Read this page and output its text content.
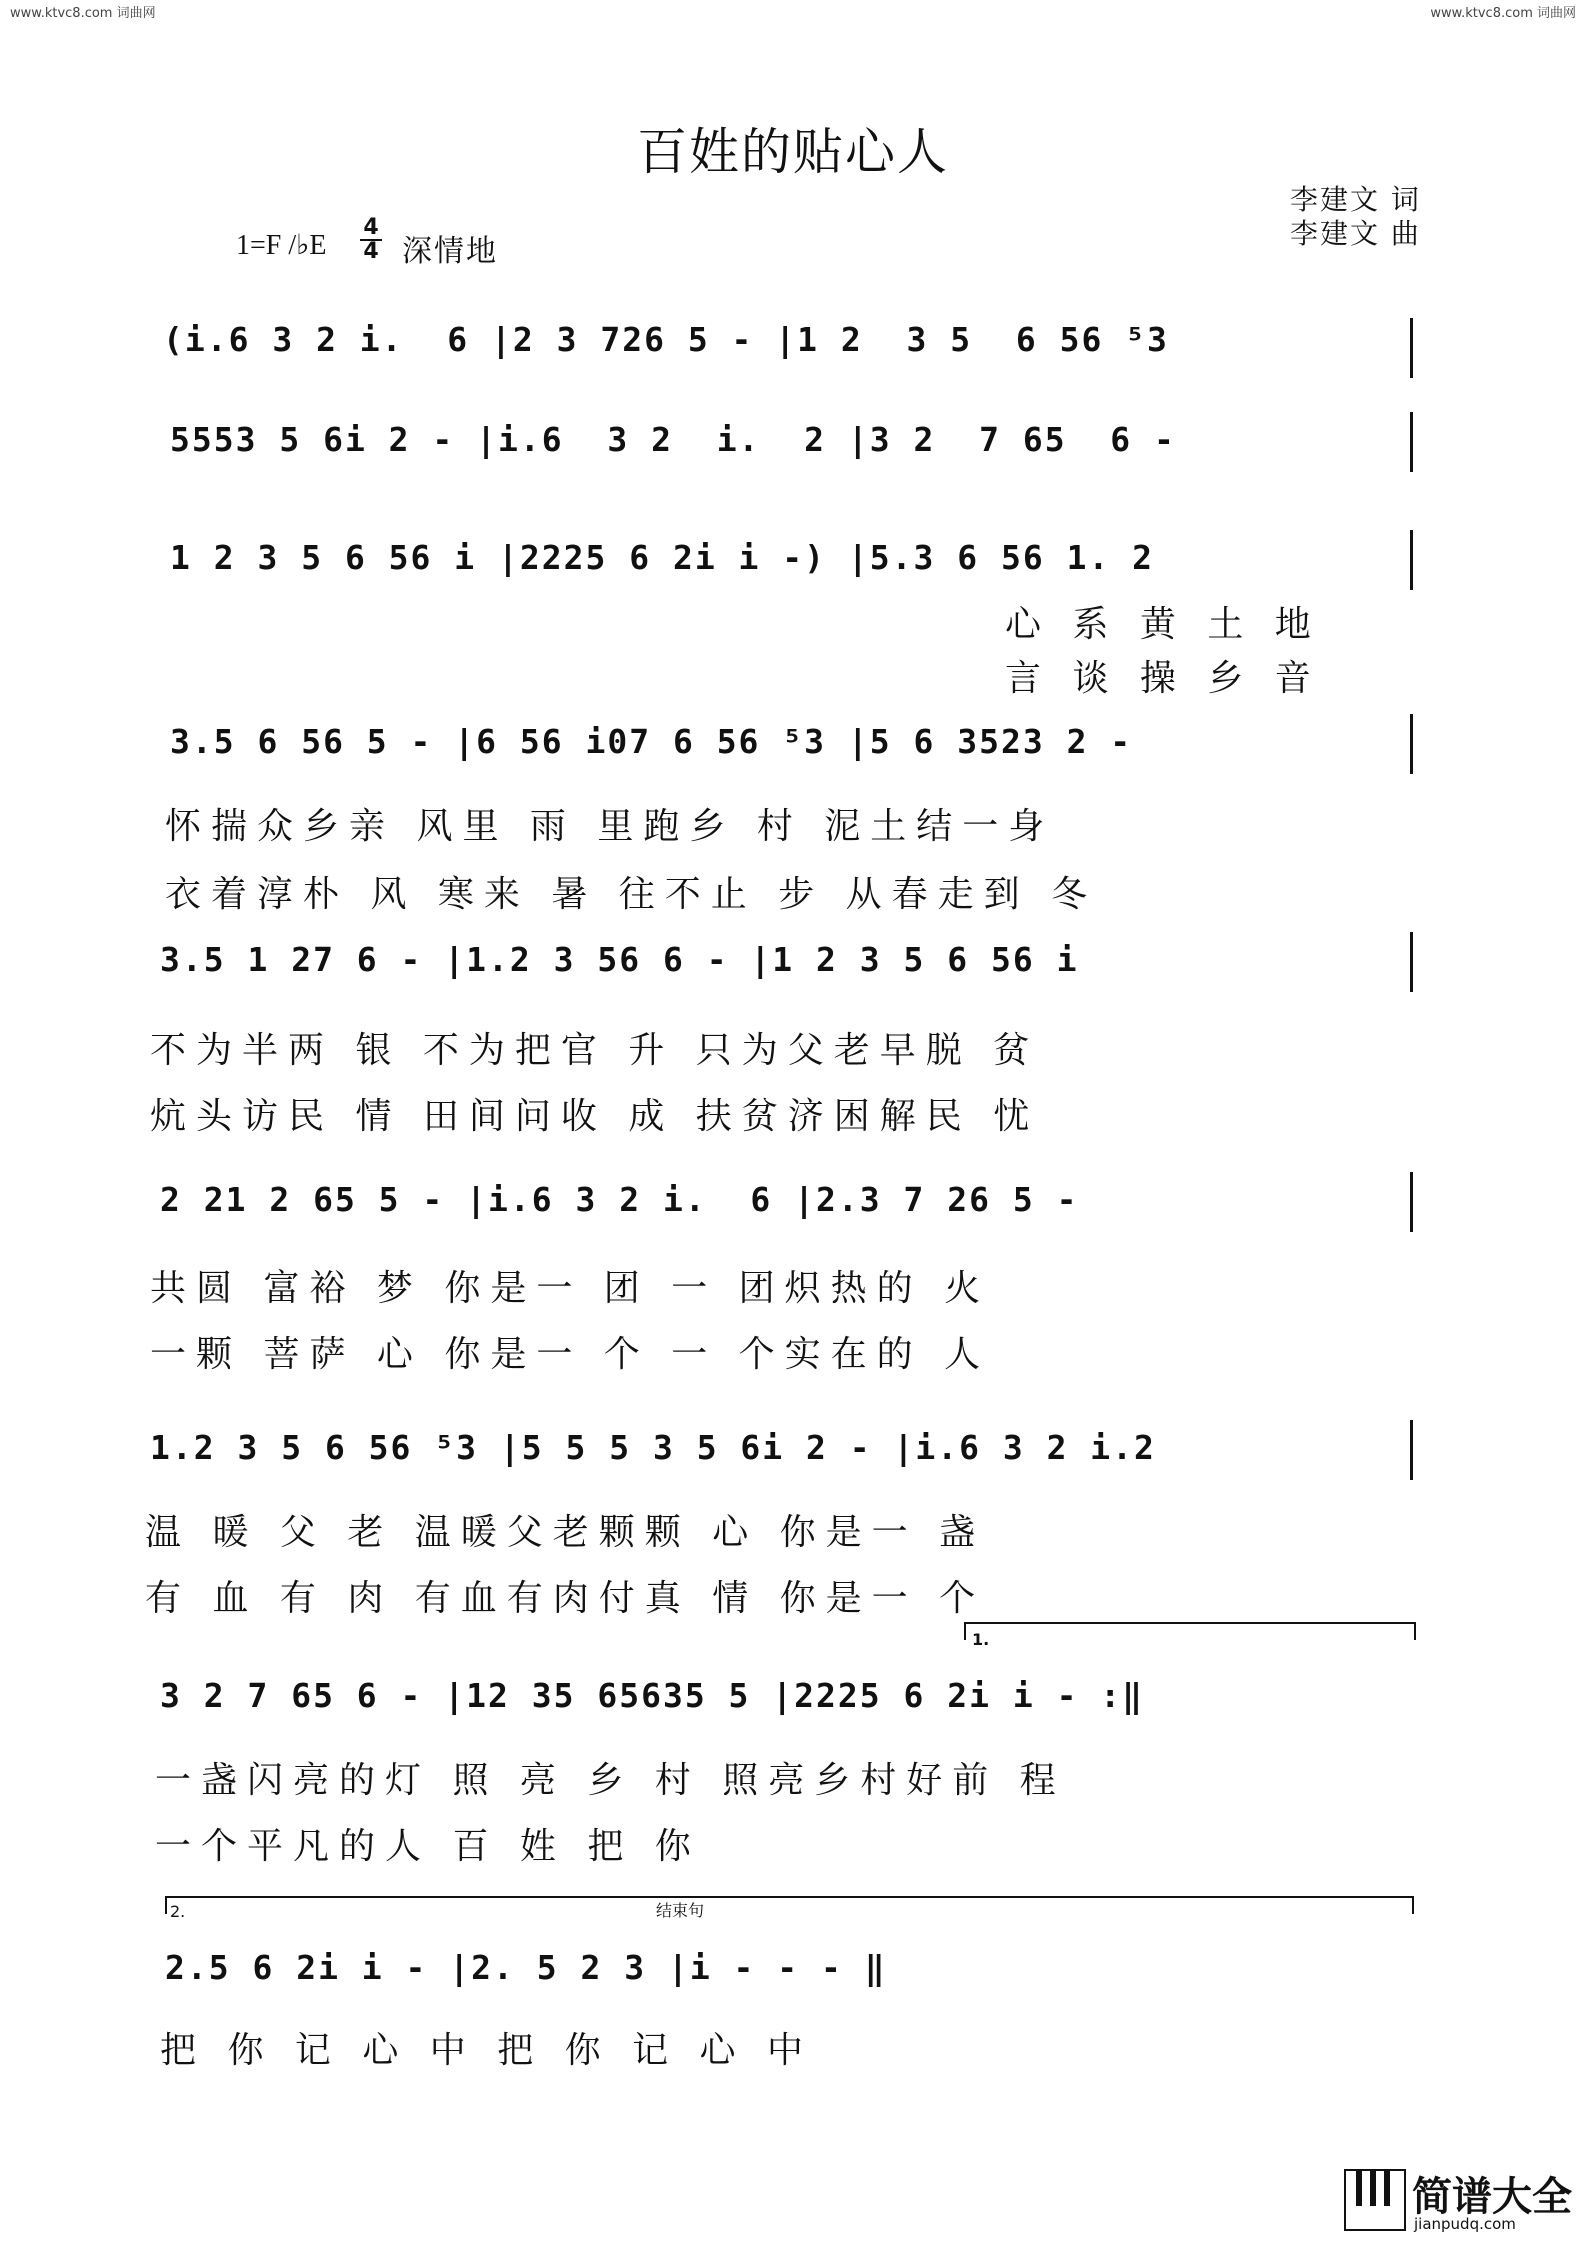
www.ktvc8.com 词曲网	www.ktvc8.com 词曲网
百姓的贴心人
李建文 词
李建文 曲
1=F /♭E
4
4 深情地
(i.6 3 2 i.  6 |2 3 726 5 - |1 2  3 5  6 56 ⁵3
5553 5 6i 2 - |i.6  3 2  i.  2 |3 2  7 65  6 -
1 2 3 5 6 56 i |2225 6 2i i -) |5.3 6 56 1. 2
心 系 黄 土 地
言 谈 操 乡 音
3.5 6 56 5 - |6 56 i07 6 56 ⁵3 |5 6 3523 2 -
怀揣众乡亲 风里 雨 里跑乡 村 泥土结一身
衣着淳朴 风 寒来 暑 往不止 步 从春走到 冬
3.5 1 27 6 - |1.2 3 56 6 - |1 2 3 5 6 56 i
不为半两 银 不为把官 升 只为父老早脱 贫
炕头访民 情 田间问收 成 扶贫济困解民 忧
2 21 2 65 5 - |i.6 3 2 i.  6 |2.3 7 26 5 -
共圆 富裕 梦 你是一 团 一 团炽热的 火
一颗 菩萨 心 你是一 个 一 个实在的 人
1.2 3 5 6 56 ⁵3 |5 5 5 3 5 6i 2 - |i.6 3 2 i.2
温 暖 父 老 温暖父老颗颗 心 你是一 盏
有 血 有 肉 有血有肉付真 情 你是一 个
1.
3 2 7 65 6 - |12 35 65635 5 |2225 6 2i i - :‖
一盏闪亮的灯 照 亮 乡 村 照亮乡村好前 程
一个平凡的人 百 姓 把 你
2.	结束句
2.5 6 2i i - |2. 5 2 3 |i - - - ‖
把 你 记 心 中 把 你 记 心 中
简谱大全
jianpudq.com
